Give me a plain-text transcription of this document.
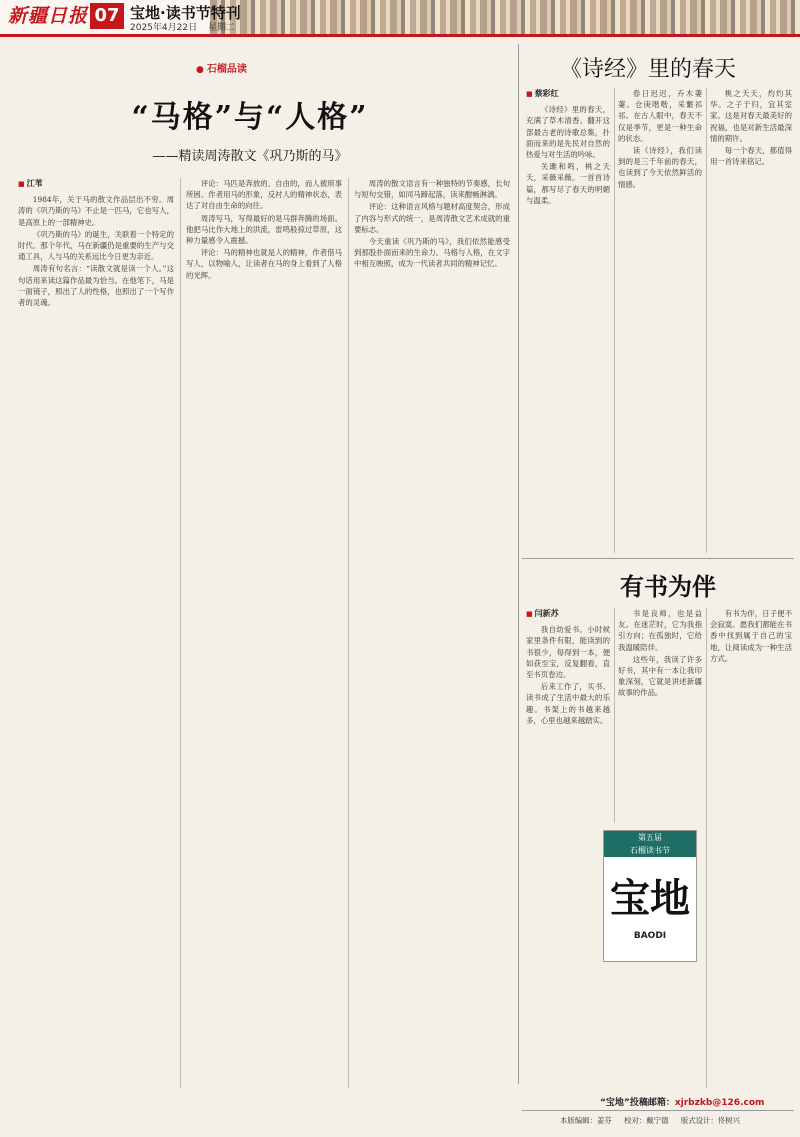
新疆日报 07 宝地·读书节特刊
2025年4月22日 星期二
● 石榴品读
“马格”与“人格”
——精读周涛散文《巩乃斯的马》

■ 江苇

1984年，关于马的散文作品层出不穷。周涛的《巩乃斯的马》不止是一匹马，它也写人，是高原上的一部精神史。

《巩乃斯的马》的诞生，关联着一个特定的时代。那个年代，马在新疆仍是重要的生产与交通工具，人与马的关系远比今日更为亲近。

周涛有句名言：“读散文就是读一个人。”这句话用来读这篇作品最为恰当。在他笔下，马是一面镜子，照出了人的性格，也照出了一个写作者的灵魂。

评论：马匹是奔放的、自由的，而人被琐事所困。作者用马的形象，反衬人的精神状态，表达了对自由生命的向往。

周涛写马，写得最好的是马群奔腾的场面。他把马比作大地上的洪流，雷鸣般掠过草原，这种力量感令人震撼。

评论：马的精神也就是人的精神，作者借马写人，以物喻人，让读者在马的身上看到了人格的光辉。

周涛的散文语言有一种独特的节奏感，长句与短句交错，如同马蹄起落，读来酣畅淋漓。

评论：这种语言风格与题材高度契合，形成了内容与形式的统一，是周涛散文艺术成就的重要标志。

今天重读《巩乃斯的马》，我们依然能感受到那股扑面而来的生命力。马格与人格，在文字中相互映照，成为一代读者共同的精神记忆。

《诗经》里的春天

■ 蔡彩红

《诗经》里的春天，充满了草木清香。翻开这部最古老的诗歌总集，扑面而来的是先民对自然的热爱与对生活的吟咏。

关雎和鸣，桃之夭夭，采薇采薇。一首首诗篇，都写尽了春天的明媚与温柔。

春日迟迟，卉木萋萋。仓庚喈喈，采蘩祁祁。在古人眼中，春天不仅是季节，更是一种生命的状态。

读《诗经》，我们读到的是三千年前的春天，也读到了今天依然鲜活的情感。

桃之夭夭，灼灼其华。之子于归，宜其室家。这是对春天最美好的祝福，也是对新生活最深情的期许。

每一个春天，都值得用一首诗来铭记。

有书为伴

■ 闫新苏

我自幼爱书。小时候家里条件有限，能读到的书很少，每得到一本，便如获至宝，反复翻看，直至书页卷边。

后来工作了，买书、读书成了生活中最大的乐趣。书架上的书越来越多，心里也越来越踏实。

书是良师，也是益友。在迷茫时，它为我指引方向；在孤独时，它给我温暖陪伴。

这些年，我读了许多好书，其中有一本让我印象深刻，它就是讲述新疆故事的作品。

有书为伴，日子便不会寂寞。愿我们都能在书香中找到属于自己的宝地，让阅读成为一种生活方式。

第五届
石榴读书节
宝地
BAODI
“宝地”投稿邮箱：xjrbzkb@126.com
本版编辑：姜芬 校对：戴宁德 版式设计：佟树兴
